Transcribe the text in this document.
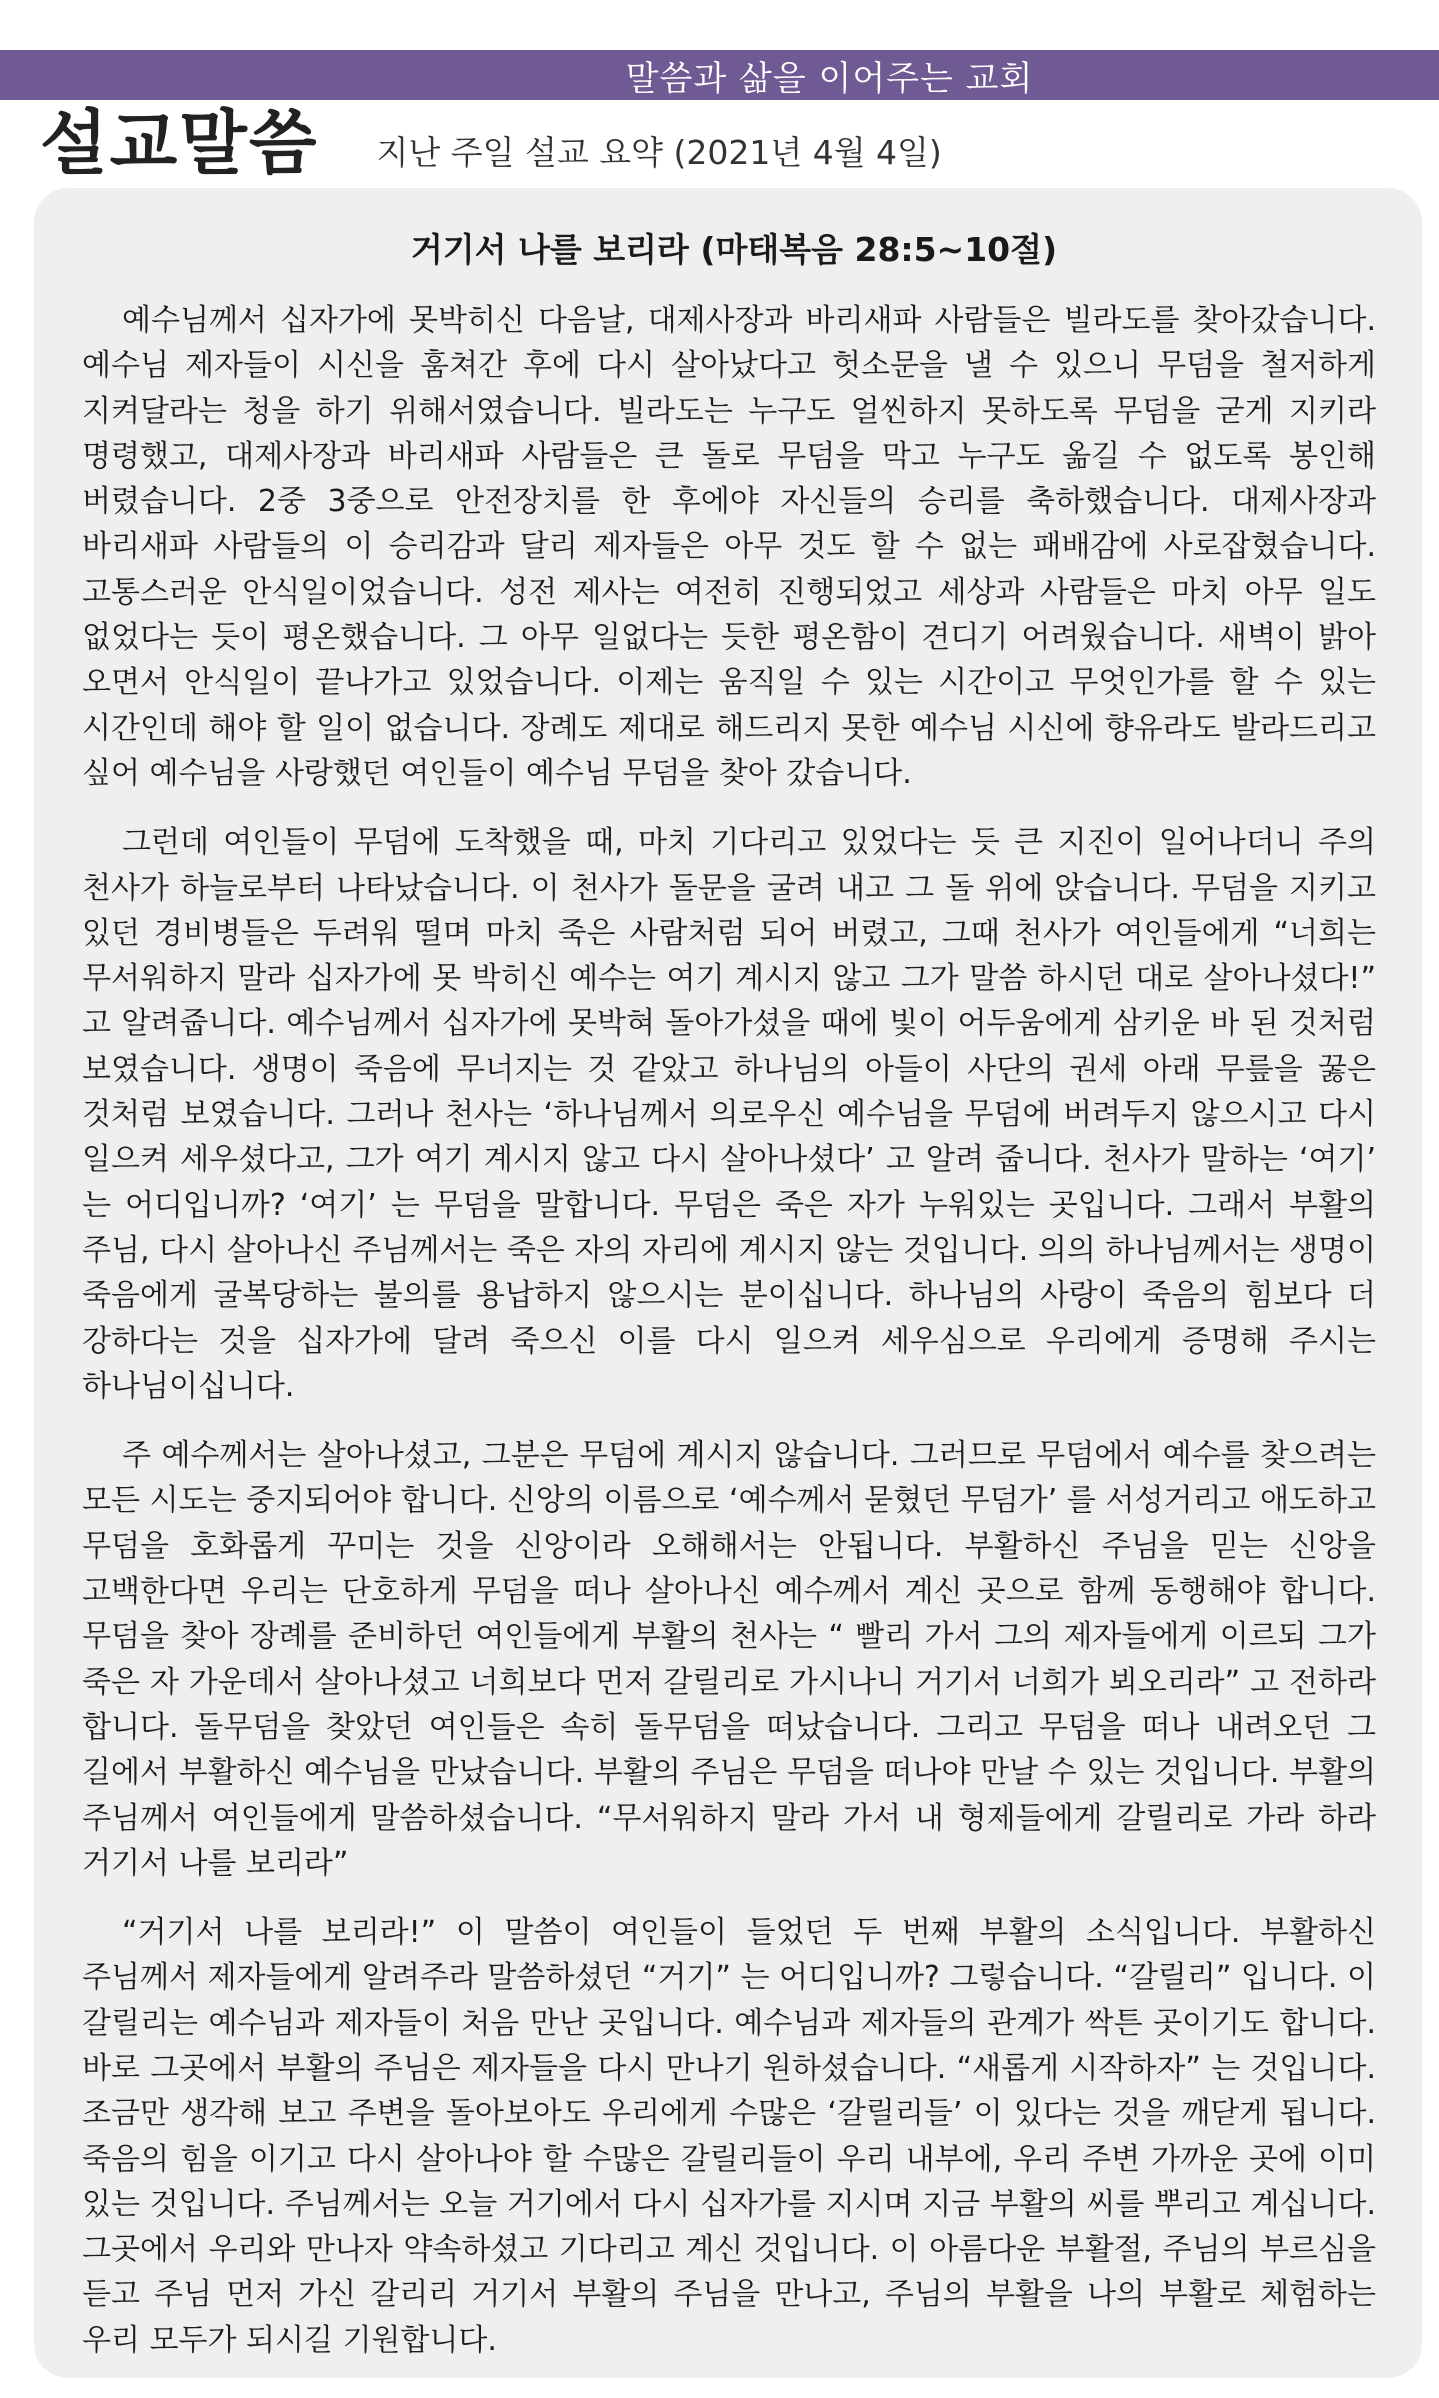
말씀과 삶을 이어주는 교회
설교말씀 지난 주일 설교 요약 (2021년 4월 4일)
거기서 나를 보리라 (마태복음 28:5~10절)

예수님께서 십자가에 못박히신 다음날, 대제사장과 바리새파 사람들은 빌라도를 찾아갔습니다. 예수님 제자들이 시신을 훔쳐간 후에 다시 살아났다고 헛소문을 낼 수 있으니 무덤을 철저하게 지켜달라는 청을 하기 위해서였습니다. 빌라도는 누구도 얼씬하지 못하도록 무덤을 굳게 지키라 명령했고, 대제사장과 바리새파 사람들은 큰 돌로 무덤을 막고 누구도 옮길 수 없도록 봉인해 버렸습니다. 2중 3중으로 안전장치를 한 후에야 자신들의 승리를 축하했습니다. 대제사장과 바리새파 사람들의 이 승리감과 달리 제자들은 아무 것도 할 수 없는 패배감에 사로잡혔습니다. 고통스러운 안식일이었습니다. 성전 제사는 여전히 진행되었고 세상과 사람들은 마치 아무 일도 없었다는 듯이 평온했습니다. 그 아무 일없다는 듯한 평온함이 견디기 어려웠습니다. 새벽이 밝아 오면서 안식일이 끝나가고 있었습니다. 이제는 움직일 수 있는 시간이고 무엇인가를 할 수 있는 시간인데 해야 할 일이 없습니다. 장례도 제대로 해드리지 못한 예수님 시신에 향유라도 발라드리고 싶어 예수님을 사랑했던 여인들이 예수님 무덤을 찾아 갔습니다.

그런데 여인들이 무덤에 도착했을 때, 마치 기다리고 있었다는 듯 큰 지진이 일어나더니 주의 천사가 하늘로부터 나타났습니다. 이 천사가 돌문을 굴려 내고 그 돌 위에 앉습니다. 무덤을 지키고 있던 경비병들은 두려워 떨며 마치 죽은 사람처럼 되어 버렸고, 그때 천사가 여인들에게 “너희는 무서워하지 말라 십자가에 못 박히신 예수는 여기 계시지 않고 그가 말씀 하시던 대로 살아나셨다!” 고 알려줍니다. 예수님께서 십자가에 못박혀 돌아가셨을 때에 빛이 어두움에게 삼키운 바 된 것처럼 보였습니다. 생명이 죽음에 무너지는 것 같았고 하나님의 아들이 사단의 권세 아래 무릎을 꿇은 것처럼 보였습니다. 그러나 천사는 ‘하나님께서 의로우신 예수님을 무덤에 버려두지 않으시고 다시 일으켜 세우셨다고, 그가 여기 계시지 않고 다시 살아나셨다’ 고 알려 줍니다. 천사가 말하는 ‘여기’ 는 어디입니까? ‘여기’ 는 무덤을 말합니다. 무덤은 죽은 자가 누워있는 곳입니다. 그래서 부활의 주님, 다시 살아나신 주님께서는 죽은 자의 자리에 계시지 않는 것입니다. 의의 하나님께서는 생명이 죽음에게 굴복당하는 불의를 용납하지 않으시는 분이십니다. 하나님의 사랑이 죽음의 힘보다 더 강하다는 것을 십자가에 달려 죽으신 이를 다시 일으켜 세우심으로 우리에게 증명해 주시는 하나님이십니다.

주 예수께서는 살아나셨고, 그분은 무덤에 계시지 않습니다. 그러므로 무덤에서 예수를 찾으려는 모든 시도는 중지되어야 합니다. 신앙의 이름으로 ‘예수께서 묻혔던 무덤가’ 를 서성거리고 애도하고 무덤을 호화롭게 꾸미는 것을 신앙이라 오해해서는 안됩니다. 부활하신 주님을 믿는 신앙을 고백한다면 우리는 단호하게 무덤을 떠나 살아나신 예수께서 계신 곳으로 함께 동행해야 합니다. 무덤을 찾아 장례를 준비하던 여인들에게 부활의 천사는 “ 빨리 가서 그의 제자들에게 이르되 그가 죽은 자 가운데서 살아나셨고 너희보다 먼저 갈릴리로 가시나니 거기서 너희가 뵈오리라” 고 전하라 합니다. 돌무덤을 찾았던 여인들은 속히 돌무덤을 떠났습니다. 그리고 무덤을 떠나 내려오던 그 길에서 부활하신 예수님을 만났습니다. 부활의 주님은 무덤을 떠나야 만날 수 있는 것입니다. 부활의 주님께서 여인들에게 말씀하셨습니다. “무서워하지 말라 가서 내 형제들에게 갈릴리로 가라 하라 거기서 나를 보리라”

“거기서 나를 보리라!” 이 말씀이 여인들이 들었던 두 번째 부활의 소식입니다. 부활하신 주님께서 제자들에게 알려주라 말씀하셨던 “거기” 는 어디입니까? 그렇습니다. “갈릴리” 입니다. 이 갈릴리는 예수님과 제자들이 처음 만난 곳입니다. 예수님과 제자들의 관계가 싹튼 곳이기도 합니다. 바로 그곳에서 부활의 주님은 제자들을 다시 만나기 원하셨습니다. “새롭게 시작하자” 는 것입니다. 조금만 생각해 보고 주변을 돌아보아도 우리에게 수많은 ‘갈릴리들’ 이 있다는 것을 깨닫게 됩니다. 죽음의 힘을 이기고 다시 살아나야 할 수많은 갈릴리들이 우리 내부에, 우리 주변 가까운 곳에 이미 있는 것입니다. 주님께서는 오늘 거기에서 다시 십자가를 지시며 지금 부활의 씨를 뿌리고 계십니다. 그곳에서 우리와 만나자 약속하셨고 기다리고 계신 것입니다. 이 아름다운 부활절, 주님의 부르심을 듣고 주님 먼저 가신 갈리리 거기서 부활의 주님을 만나고, 주님의 부활을 나의 부활로 체험하는 우리 모두가 되시길 기원합니다.
